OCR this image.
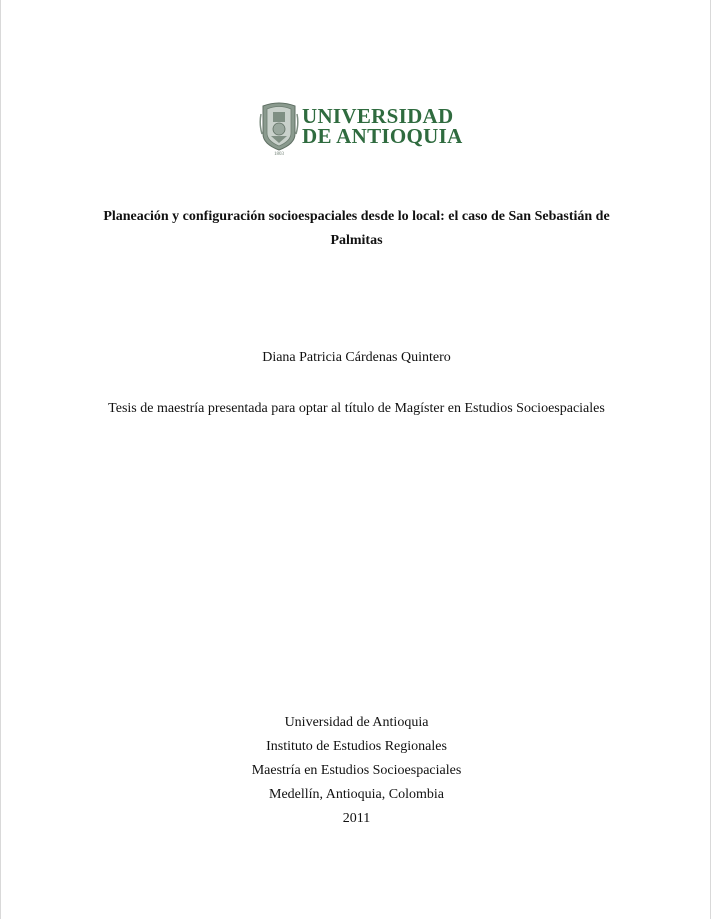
1803
UNIVERSIDAD
DE ANTIOQUIA
Planeación y configuración socioespaciales desde lo local: el caso de San Sebastián de
Palmitas
Diana Patricia Cárdenas Quintero
Tesis de maestría presentada para optar al título de Magíster en Estudios Socioespaciales
Universidad de Antioquia
Instituto de Estudios Regionales
Maestría en Estudios Socioespaciales
Medellín, Antioquia, Colombia
2011
